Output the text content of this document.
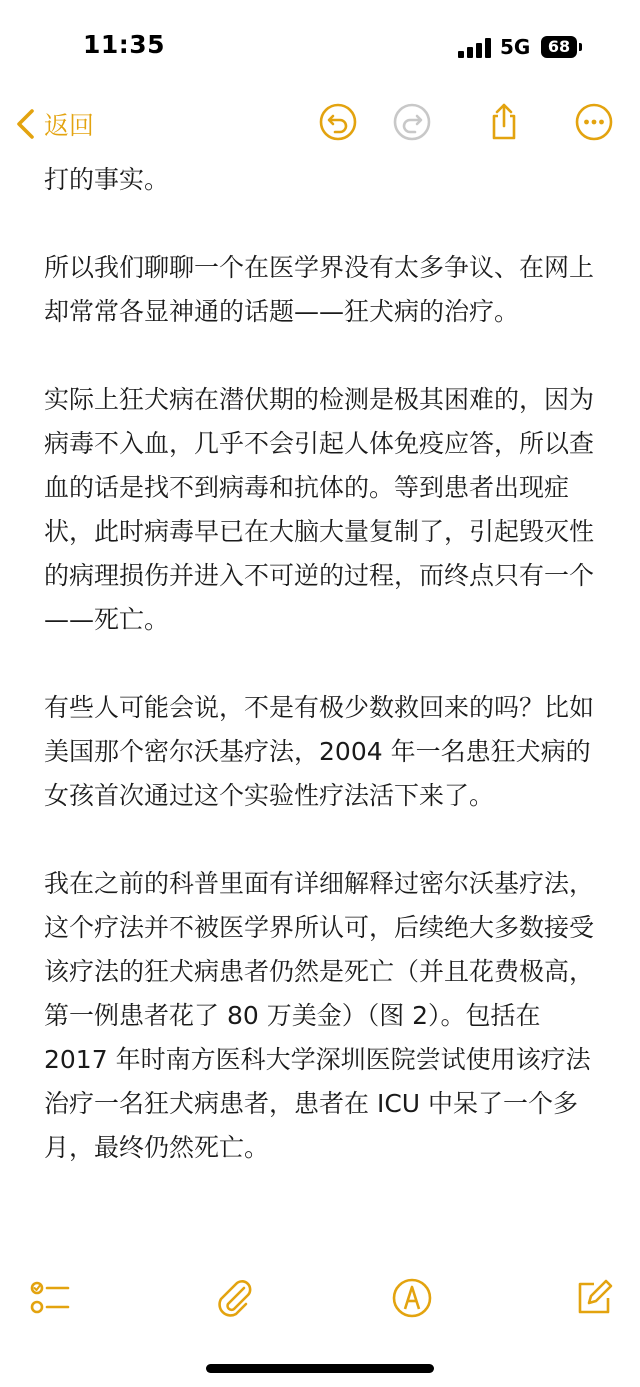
11:35	5G	68
返回

打的事实。

所以我们聊聊一个在医学界没有太多争议、在网上却常常各显神通的话题——狂犬病的治疗。

实际上狂犬病在潜伏期的检测是极其困难的，因为病毒不入血，几乎不会引起人体免疫应答，所以查血的话是找不到病毒和抗体的。等到患者出现症状，此时病毒早已在大脑大量复制了，引起毁灭性的病理损伤并进入不可逆的过程，而终点只有一个——死亡。

有些人可能会说，不是有极少数救回来的吗？比如美国那个密尔沃基疗法，2004 年一名患狂犬病的女孩首次通过这个实验性疗法活下来了。

我在之前的科普里面有详细解释过密尔沃基疗法，这个疗法并不被医学界所认可，后续绝大多数接受该疗法的狂犬病患者仍然是死亡（并且花费极高，第一例患者花了 80 万美金）（图 2）。包括在 2017 年时南方医科大学深圳医院尝试使用该疗法治疗一名狂犬病患者，患者在 ICU 中呆了一个多月，最终仍然死亡。
